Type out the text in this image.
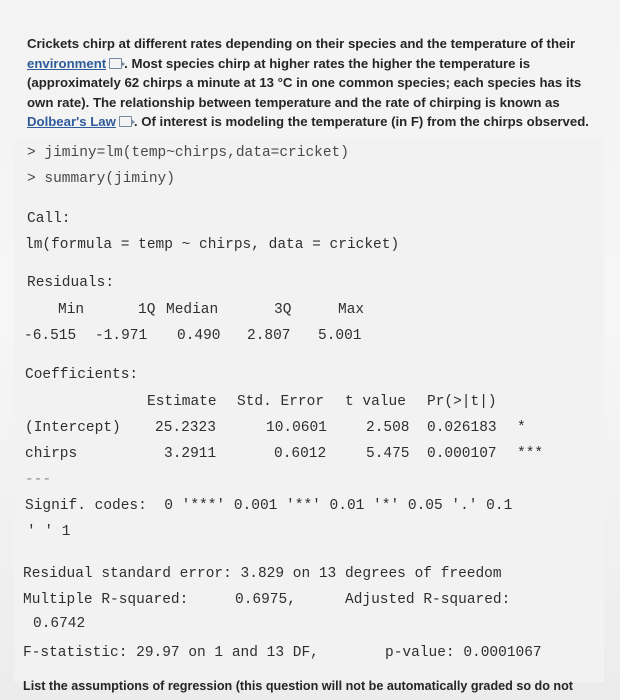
Crickets chirp at different rates depending on their species and the temperature of their environment . Most species chirp at higher rates the higher the temperature is (approximately 62 chirps a minute at 13 °C in one common species; each species has its own rate). The relationship between temperature and the rate of chirping is known as Dolbear's Law . Of interest is modeling the temperature (in F) from the chirps observed.
> jiminy=lm(temp~chirps,data=cricket)
> summary(jiminy)
Call:
lm(formula = temp ~ chirps, data = cricket)
Residuals:
Min	1Q Median	3Q	Max
-6.515 -1.971 0.490 2.807 5.001
Coefficients:
Estimate Std. Error t value Pr(>|t|)
(Intercept) 25.2323	10.0601	2.508 0.026183 *
chirps	3.2911	0.6012	5.475 0.000107 ***
---
Signif. codes:  0 '***' 0.001 '**' 0.01 '*' 0.05 '.' 0.1
' ' 1
Residual standard error: 3.829 on 13 degrees of freedom
Multiple R-squared:	0.6975,	Adjusted R-squared:
0.6742
F-statistic: 29.97 on 1 and 13 DF,	p-value: 0.0001067
List the assumptions of regression (this question will not be automatically graded so do not
